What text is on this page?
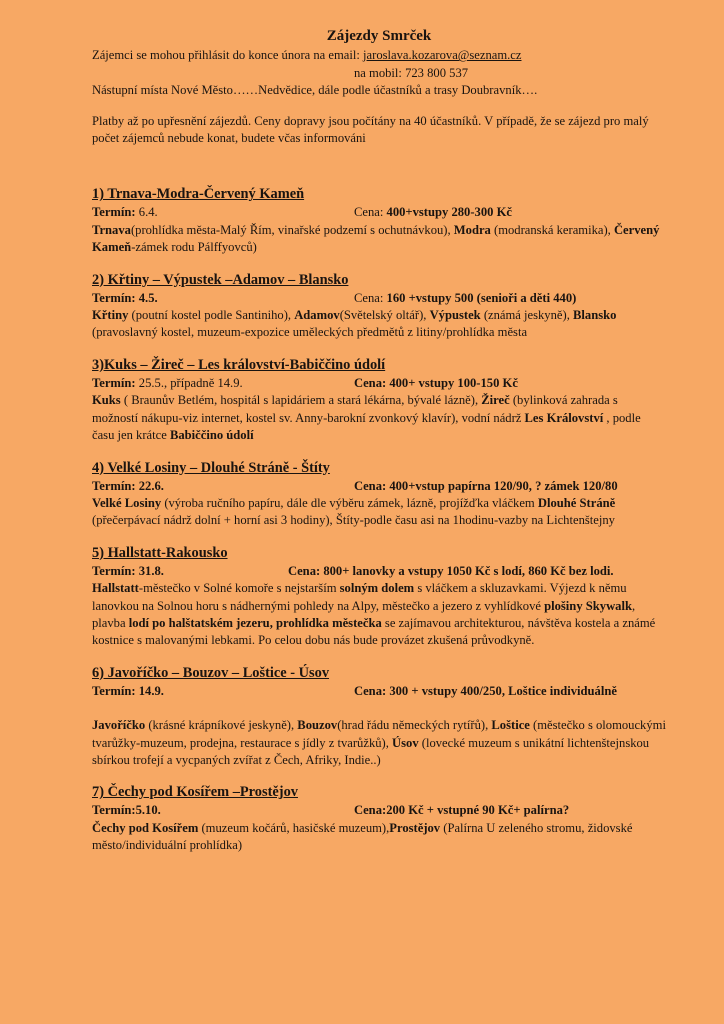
Zájezdy Smrček

Zájemci se mohou přihlásit do konce února na email: jaroslava.kozarova@seznam.cz

na mobil: 723 800 537

Nástupní místa Nové Město……Nedvědice, dále podle účastníků a trasy Doubravník….

Platby až po upřesnění zájezdů. Ceny dopravy jsou počítány na 40 účastníků. V případě, že se zájezd pro malý počet zájemců nebude konat, budete včas informováni

1) Trnava-Modra-Červený Kameň

Termín: 6.4.	Cena: 400+vstupy 280-300 Kč

Trnava(prohlídka města-Malý Řím, vinařské podzemí s ochutnávkou), Modra (modranská keramika), Červený Kameň-zámek rodu Pálffyovců)

2) Křtiny – Výpustek –Adamov – Blansko

Termín: 4.5.	Cena: 160 +vstupy 500 (senioři a děti 440)

Křtiny (poutní kostel podle Santiniho), Adamov(Světelský oltář), Výpustek (známá jeskyně), Blansko (pravoslavný kostel, muzeum-expozice uměleckých předmětů z litiny/prohlídka města

3)Kuks – Žireč – Les království-Babiččino údolí

Termín: 25.5., případně 14.9.	Cena: 400+ vstupy 100-150 Kč

Kuks ( Braunův Betlém, hospitál s lapidáriem a stará lékárna, bývalé lázně), Žireč (bylinková zahrada s možností nákupu-viz internet, kostel sv. Anny-barokní zvonkový klavír), vodní nádrž Les Království , podle času jen krátce Babiččino údolí

4) Velké Losiny – Dlouhé Stráně - Štíty

Termín: 22.6.	Cena: 400+vstup papírna 120/90, ? zámek 120/80

Velké Losiny (výroba ručního papíru, dále dle výběru zámek, lázně, projížďka vláčkem Dlouhé Stráně (přečerpávací nádrž dolní + horní asi 3 hodiny), Štíty-podle času asi na 1hodinu-vazby na Lichtenštejny

5) Hallstatt-Rakousko

Termín: 31.8.	Cena: 800+ lanovky a vstupy 1050 Kč s lodí, 860 Kč bez lodi.

Hallstatt-městečko v Solné komoře s nejstarším solným dolem s vláčkem a skluzavkami. Výjezd k němu lanovkou na Solnou horu s nádhernými pohledy na Alpy, městečko a jezero z vyhlídkové plošiny Skywalk, plavba lodí po halštatském jezeru, prohlídka městečka se zajímavou architekturou, návštěva kostela a známé kostnice s malovanými lebkami. Po celou dobu nás bude provázet zkušená průvodkyně.

6) Javoříčko – Bouzov – Loštice - Úsov

Termín: 14.9.	Cena: 300 + vstupy 400/250, Loštice individuálně

Javoříčko (krásné krápníkové jeskyně), Bouzov(hrad řádu německých rytířů), Loštice (městečko s olomouckými tvarůžky-muzeum, prodejna, restaurace s jídly z tvarůžků), Úsov (lovecké muzeum s unikátní lichtenštejnskou sbírkou trofejí a vycpaných zvířat z Čech, Afriky, Indie..)

7) Čechy pod Kosířem –Prostějov

Termín:5.10.	Cena:200 Kč + vstupné 90 Kč+ palírna?

Čechy pod Kosířem (muzeum kočárů, hasičské muzeum),Prostějov (Palírna U zeleného stromu, židovské město/individuální prohlídka)
